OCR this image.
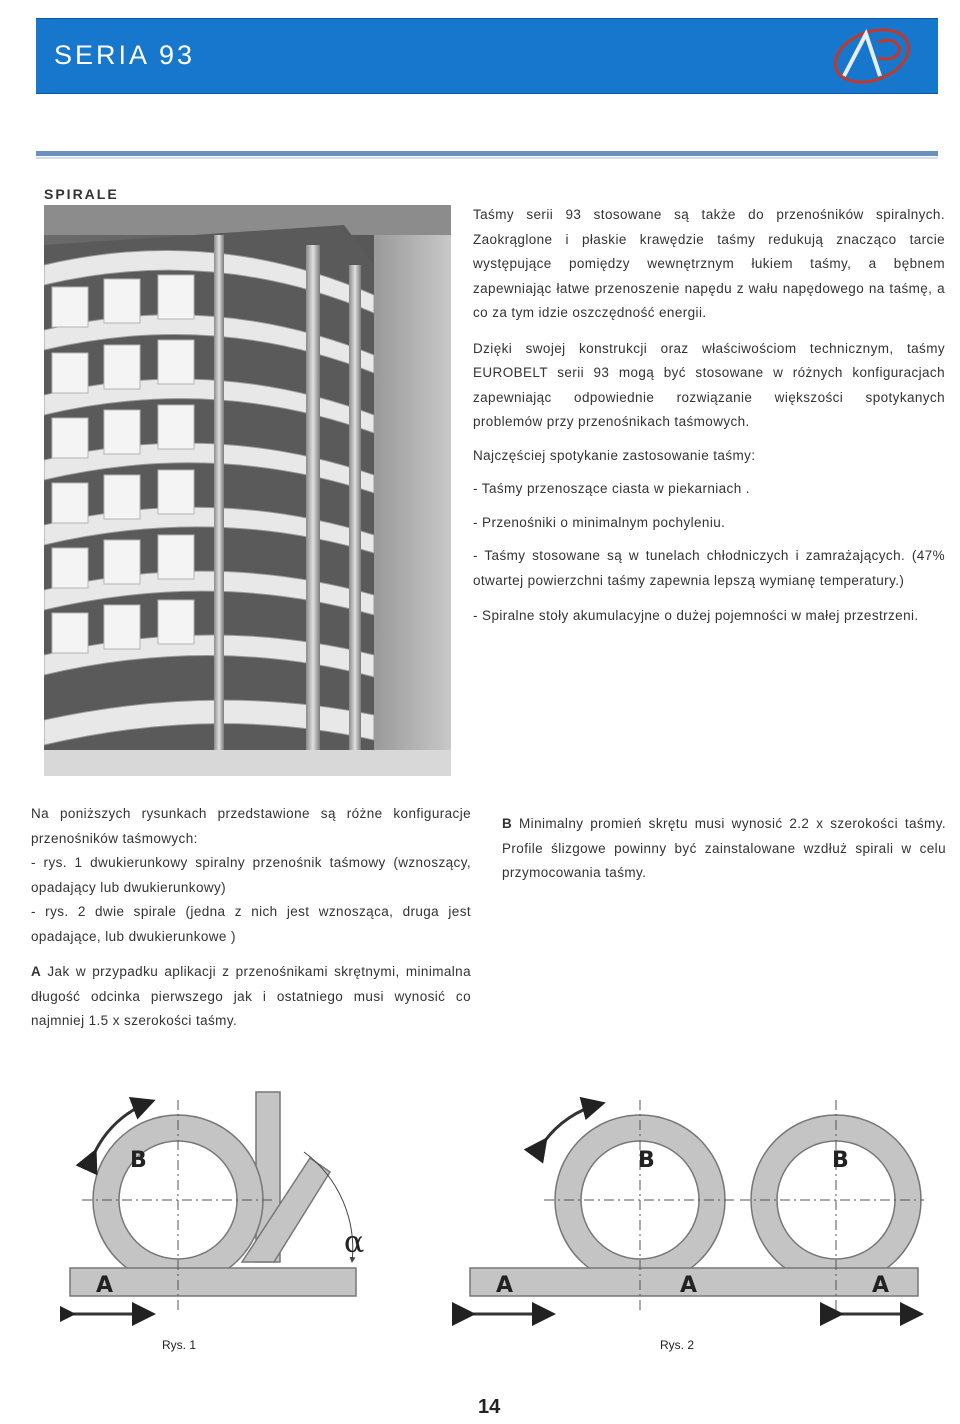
SERIA 93
SPIRALE

Taśmy serii 93 stosowane są także do przenośników spiralnych. Zaokrąglone i płaskie krawędzie taśmy redukują znacząco tarcie występujące pomiędzy wewnętrznym łukiem taśmy, a bębnem zapewniając łatwe przenoszenie napędu z wału napędowego na taśmę, a co za tym idzie oszczędność energii.

Dzięki swojej konstrukcji oraz właściwościom technicznym, taśmy EUROBELT serii 93 mogą być stosowane w różnych konfiguracjach zapewniając odpowiednie rozwiązanie większości spotykanych problemów przy przenośnikach taśmowych.

Najczęściej spotykanie zastosowanie taśmy:

- Taśmy przenoszące ciasta w piekarniach .

- Przenośniki o minimalnym pochyleniu.

- Taśmy stosowane są w tunelach chłodniczych i zamrażających. (47% otwartej powierzchni taśmy zapewnia lepszą wymianę temperatury.)

- Spiralne stoły akumulacyjne o dużej pojemności w małej przestrzeni.

Na poniższych rysunkach przedstawione są różne konfiguracje przenośników taśmowych:

- rys. 1 dwukierunkowy spiralny przenośnik taśmowy (wznoszący, opadający lub dwukierunkowy)

- rys. 2 dwie spirale (jedna z nich jest wznosząca, druga jest opadające, lub dwukierunkowe )

A Jak w przypadku aplikacji z przenośnikami skrętnymi, minimalna długość odcinka pierwszego jak i ostatniego musi wynosić co najmniej 1.5 x szerokości taśmy.

B Minimalny promień skrętu musi wynosić 2.2 x szerokości taśmy. Profile ślizgowe powinny być zainstalowane wzdłuż spirali w celu przymocowania taśmy.

B
A
α
B	B
A	A	A
Rys. 1	Rys. 2
14
